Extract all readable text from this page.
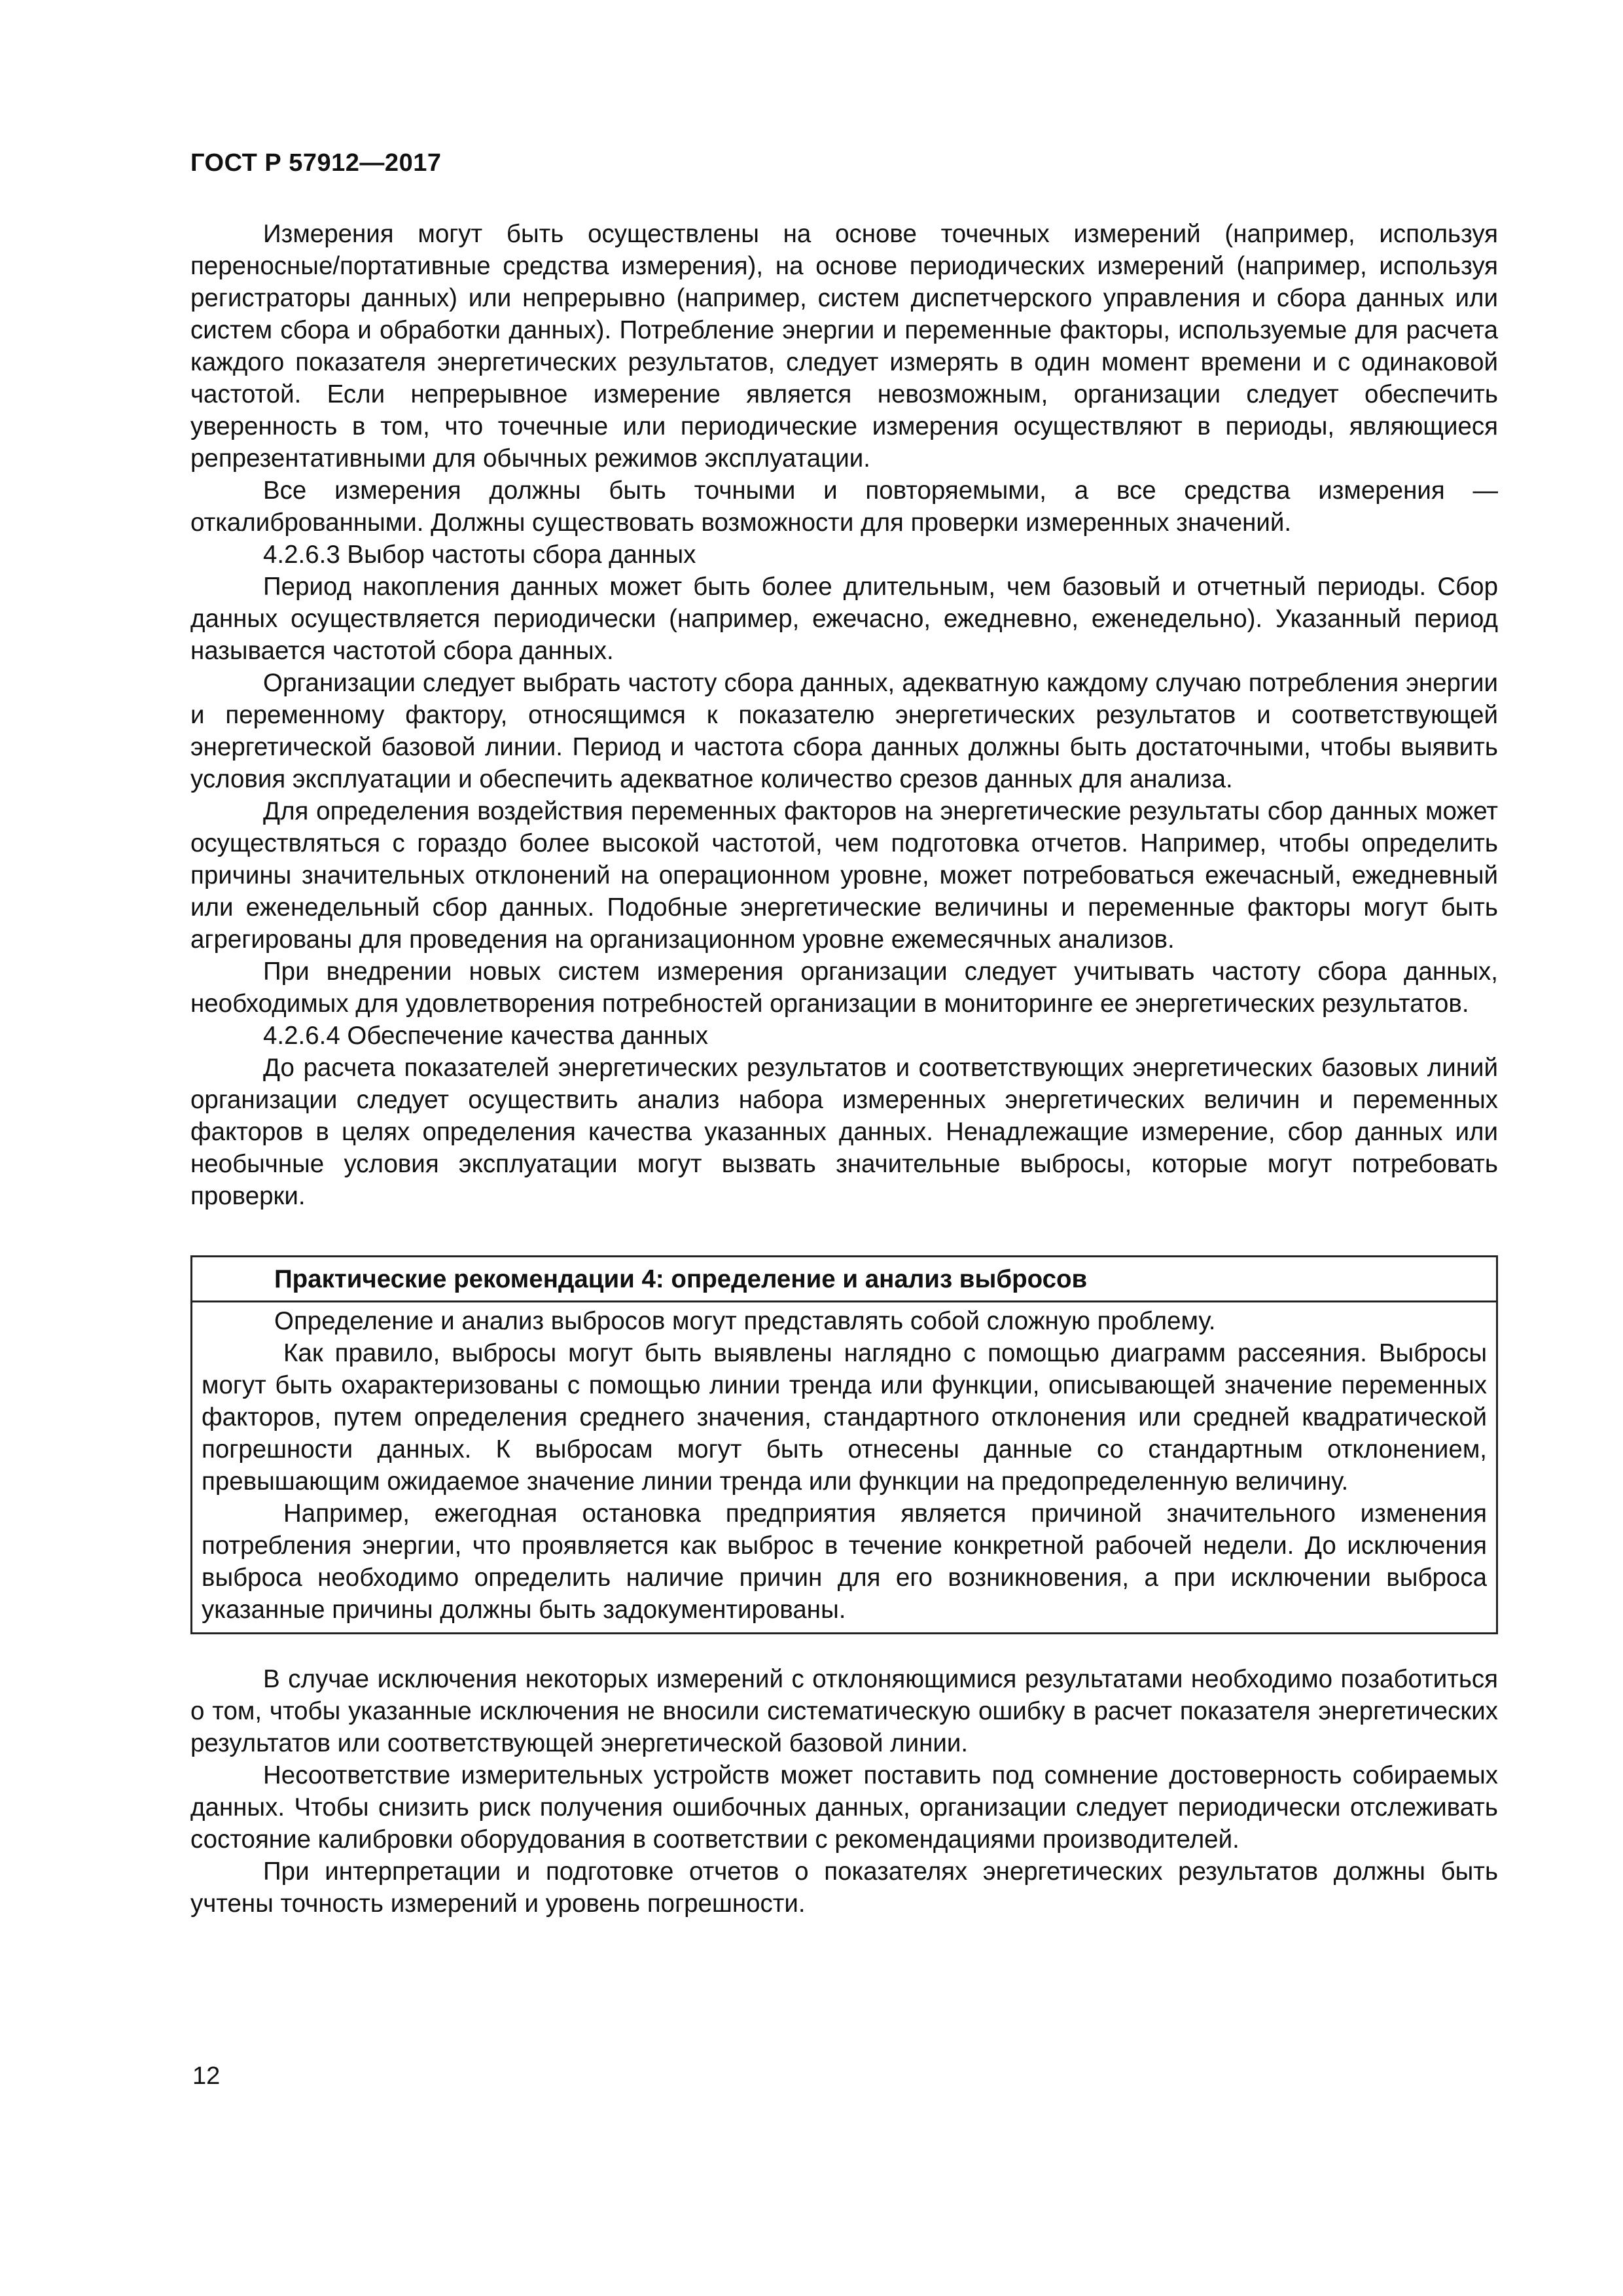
ГОСТ Р 57912—2017

Измерения могут быть осуществлены на основе точечных измерений (например, используя переносные/портативные средства измерения), на основе периодических измерений (например, используя регистраторы данных) или непрерывно (например, систем диспетчерского управления и сбора данных или систем сбора и обработки данных). Потребление энергии и переменные факторы, используемые для расчета каждого показателя энергетических результатов, следует измерять в один момент времени и с одинаковой частотой. Если непрерывное измерение является невозможным, организации следует обеспечить уверенность в том, что точечные или периодические измерения осуществляют в периоды, являющиеся репрезентативными для обычных режимов эксплуатации.

Все измерения должны быть точными и повторяемыми, а все средства измерения — откалиброванными. Должны существовать возможности для проверки измеренных значений.

4.2.6.3 Выбор частоты сбора данных

Период накопления данных может быть более длительным, чем базовый и отчетный периоды. Сбор данных осуществляется периодически (например, ежечасно, ежедневно, еженедельно). Указанный период называется частотой сбора данных.

Организации следует выбрать частоту сбора данных, адекватную каждому случаю потребления энергии и переменному фактору, относящимся к показателю энергетических результатов и соответствующей энергетической базовой линии. Период и частота сбора данных должны быть достаточными, чтобы выявить условия эксплуатации и обеспечить адекватное количество срезов данных для анализа.

Для определения воздействия переменных факторов на энергетические результаты сбор данных может осуществляться с гораздо более высокой частотой, чем подготовка отчетов. Например, чтобы определить причины значительных отклонений на операционном уровне, может потребоваться ежечасный, ежедневный или еженедельный сбор данных. Подобные энергетические величины и переменные факторы могут быть агрегированы для проведения на организационном уровне ежемесячных анализов.

При внедрении новых систем измерения организации следует учитывать частоту сбора данных, необходимых для удовлетворения потребностей организации в мониторинге ее энергетических результатов.

4.2.6.4 Обеспечение качества данных

До расчета показателей энергетических результатов и соответствующих энергетических базовых линий организации следует осуществить анализ набора измеренных энергетических величин и переменных факторов в целях определения качества указанных данных. Ненадлежащие измерение, сбор данных или необычные условия эксплуатации могут вызвать значительные выбросы, которые могут потребовать проверки.

Практические рекомендации 4: определение и анализ выбросов

Определение и анализ выбросов могут представлять собой сложную проблему.

Как правило, выбросы могут быть выявлены наглядно с помощью диаграмм рассеяния. Выбросы могут быть охарактеризованы с помощью линии тренда или функции, описывающей значение переменных факторов, путем определения среднего значения, стандартного отклонения или средней квадратической погрешности данных. К выбросам могут быть отнесены данные со стандартным отклонением, превышающим ожидаемое значение линии тренда или функции на предопределенную величину.

Например, ежегодная остановка предприятия является причиной значительного изменения потребления энергии, что проявляется как выброс в течение конкретной рабочей недели. До исключения выброса необходимо определить наличие причин для его возникновения, а при исключении выброса указанные причины должны быть задокументированы.

В случае исключения некоторых измерений с отклоняющимися результатами необходимо позаботиться о том, чтобы указанные исключения не вносили систематическую ошибку в расчет показателя энергетических результатов или соответствующей энергетической базовой линии.

Несоответствие измерительных устройств может поставить под сомнение достоверность собираемых данных. Чтобы снизить риск получения ошибочных данных, организации следует периодически отслеживать состояние калибровки оборудования в соответствии с рекомендациями производителей.

При интерпретации и подготовке отчетов о показателях энергетических результатов должны быть учтены точность измерений и уровень погрешности.

12
